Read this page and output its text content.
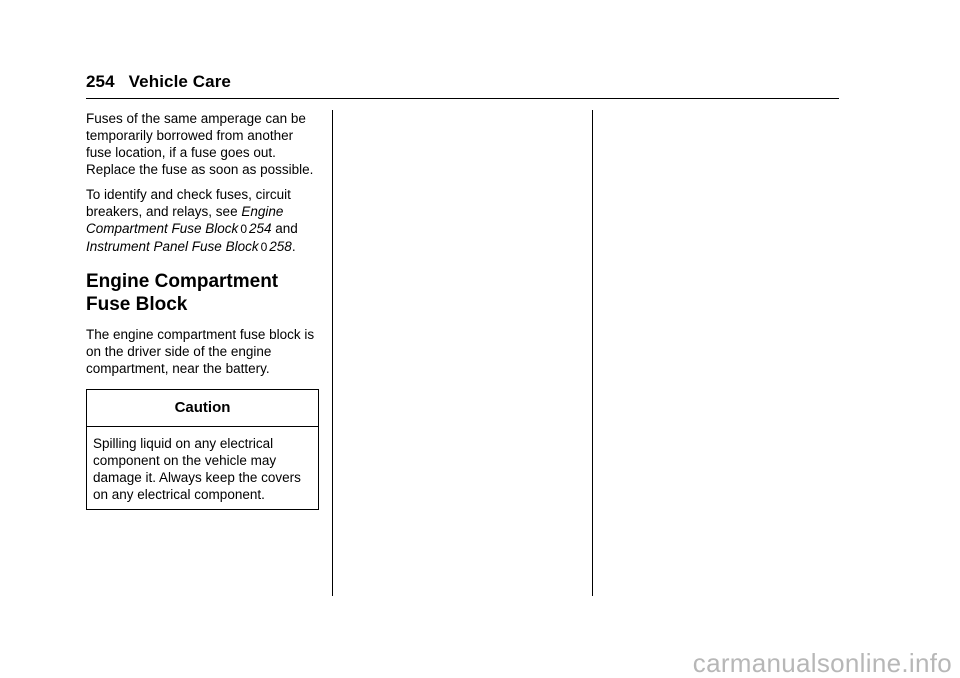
254 Vehicle Care

Fuses of the same amperage can be temporarily borrowed from another fuse location, if a fuse goes out. Replace the fuse as soon as possible.

To identify and check fuses, circuit breakers, and relays, see Engine Compartment Fuse Block 0 254 and Instrument Panel Fuse Block 0 258.

Engine Compartment Fuse Block

The engine compartment fuse block is on the driver side of the engine compartment, near the battery.

Caution
Spilling liquid on any electrical component on the vehicle may damage it. Always keep the covers on any electrical component.
carmanualsonline.info
